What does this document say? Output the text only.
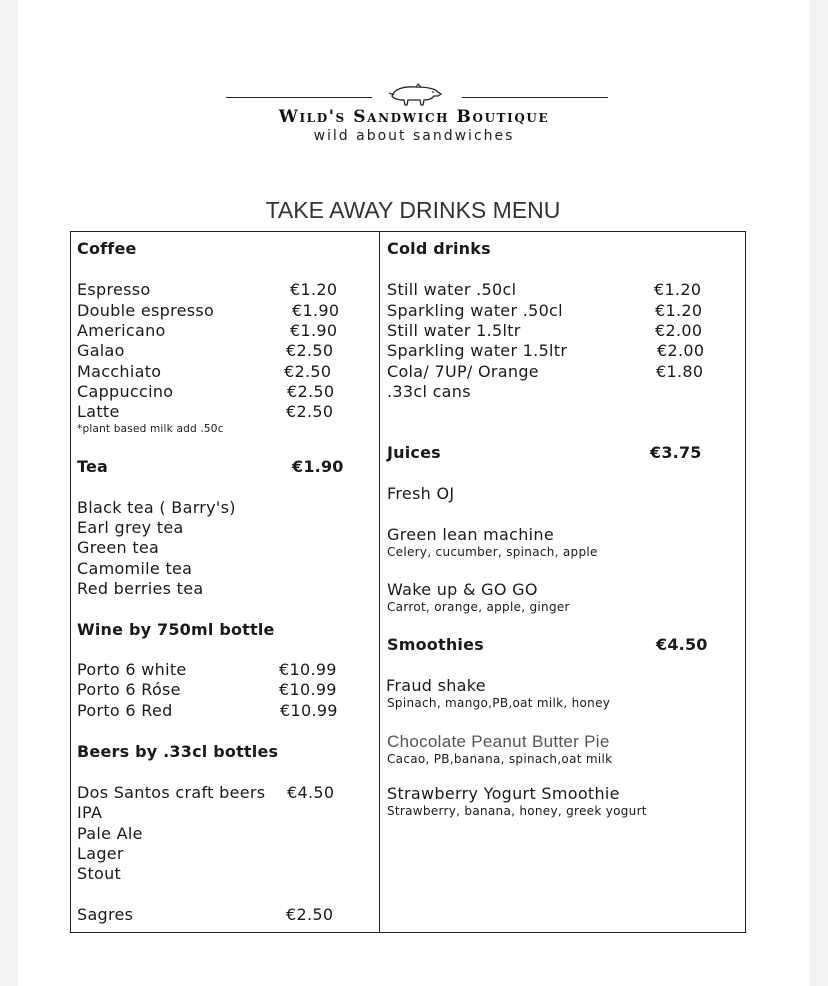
Wild's Sandwich Boutique
wild about sandwiches
TAKE AWAY DRINKS MENU
Coffee
Espresso	€1.20
Double espresso	€1.90
Americano	€1.90
Galao	€2.50
Macchiato	€2.50
Cappuccino	€2.50
Latte	€2.50
*plant based milk add .50c
Tea	€1.90
Black tea ( Barry's)
Earl grey tea
Green tea
Camomile tea
Red berries tea
Wine by 750ml bottle
Porto 6 white	€10.99
Porto 6 Róse	€10.99
Porto 6 Red	€10.99
Beers by .33cl bottles
Dos Santos craft beers €4.50
IPA
Pale Ale
Lager
Stout
Sagres	€2.50
Cold drinks
Still water .50cl	€1.20
Sparkling water .50cl	€1.20
Still water 1.5ltr	€2.00
Sparkling water 1.5ltr	€2.00
Cola/ 7UP/ Orange	€1.80
.33cl cans
Juices	€3.75
Fresh OJ
Green lean machine
Celery, cucumber, spinach, apple
Wake up & GO GO
Carrot, orange, apple, ginger
Smoothies	€4.50
Fraud shake
Spinach, mango,PB,oat milk, honey
Chocolate Peanut Butter Pie
Cacao, PB,banana, spinach,oat milk
Strawberry Yogurt Smoothie
Strawberry, banana, honey, greek yogurt
